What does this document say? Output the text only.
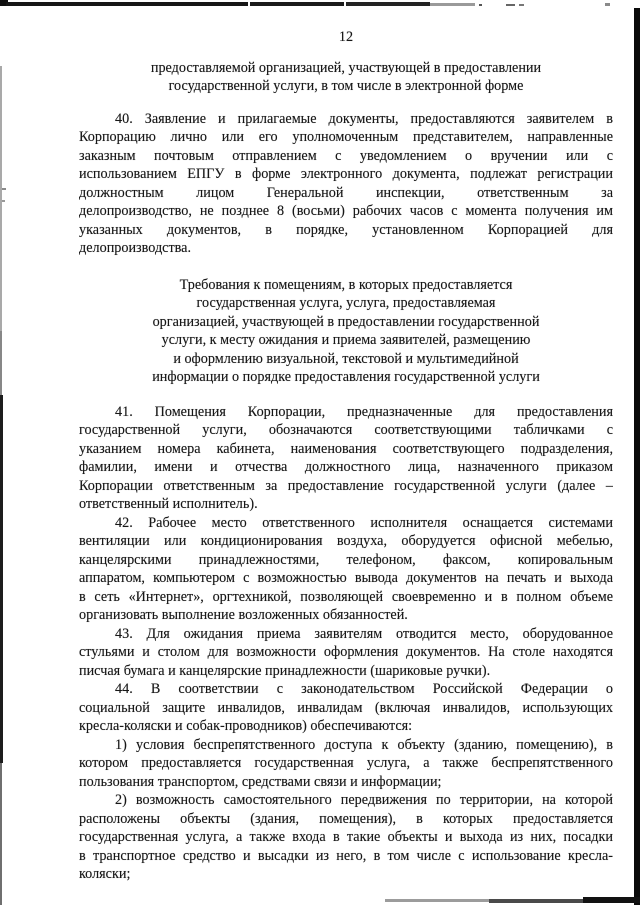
12
предоставляемой организацией, участвующей в предоставлении
государственной услуги, в том числе в электронной форме
40. Заявление и прилагаемые документы, предоставляются заявителем в
Корпорацию лично или его уполномоченным представителем, направленные
заказным почтовым отправлением с уведомлением о вручении или с
использованием ЕПГУ в форме электронного документа, подлежат регистрации
должностным лицом Генеральной инспекции, ответственным за
делопроизводство, не позднее 8 (восьми) рабочих часов с момента получения им
указанных документов, в порядке, установленном Корпорацией для
делопроизводства.
Требования к помещениям, в которых предоставляется
государственная услуга, услуга, предоставляемая
организацией, участвующей в предоставлении государственной
услуги, к месту ожидания и приема заявителей, размещению
и оформлению визуальной, текстовой и мультимедийной
информации о порядке предоставления государственной услуги
41. Помещения Корпорации, предназначенные для предоставления
государственной услуги, обозначаются соответствующими табличками с
указанием номера кабинета, наименования соответствующего подразделения,
фамилии, имени и отчества должностного лица, назначенного приказом
Корпорации ответственным за предоставление государственной услуги (далее –
ответственный исполнитель).
42. Рабочее место ответственного исполнителя оснащается системами
вентиляции или кондиционирования воздуха, оборудуется офисной мебелью,
канцелярскими принадлежностями, телефоном, факсом, копировальным
аппаратом, компьютером с возможностью вывода документов на печать и выхода
в сеть «Интернет», оргтехникой, позволяющей своевременно и в полном объеме
организовать выполнение возложенных обязанностей.
43. Для ожидания приема заявителям отводится место, оборудованное
стульями и столом для возможности оформления документов. На столе находятся
писчая бумага и канцелярские принадлежности (шариковые ручки).
44. В соответствии с законодательством Российской Федерации о
социальной защите инвалидов, инвалидам (включая инвалидов, использующих
кресла-коляски и собак-проводников) обеспечиваются:
1) условия беспрепятственного доступа к объекту (зданию, помещению), в
котором предоставляется государственная услуга, а также беспрепятственного
пользования транспортом, средствами связи и информации;
2) возможность самостоятельного передвижения по территории, на которой
расположены объекты (здания, помещения), в которых предоставляется
государственная услуга, а также входа в такие объекты и выхода из них, посадки
в транспортное средство и высадки из него, в том числе с использование кресла-
коляски;
